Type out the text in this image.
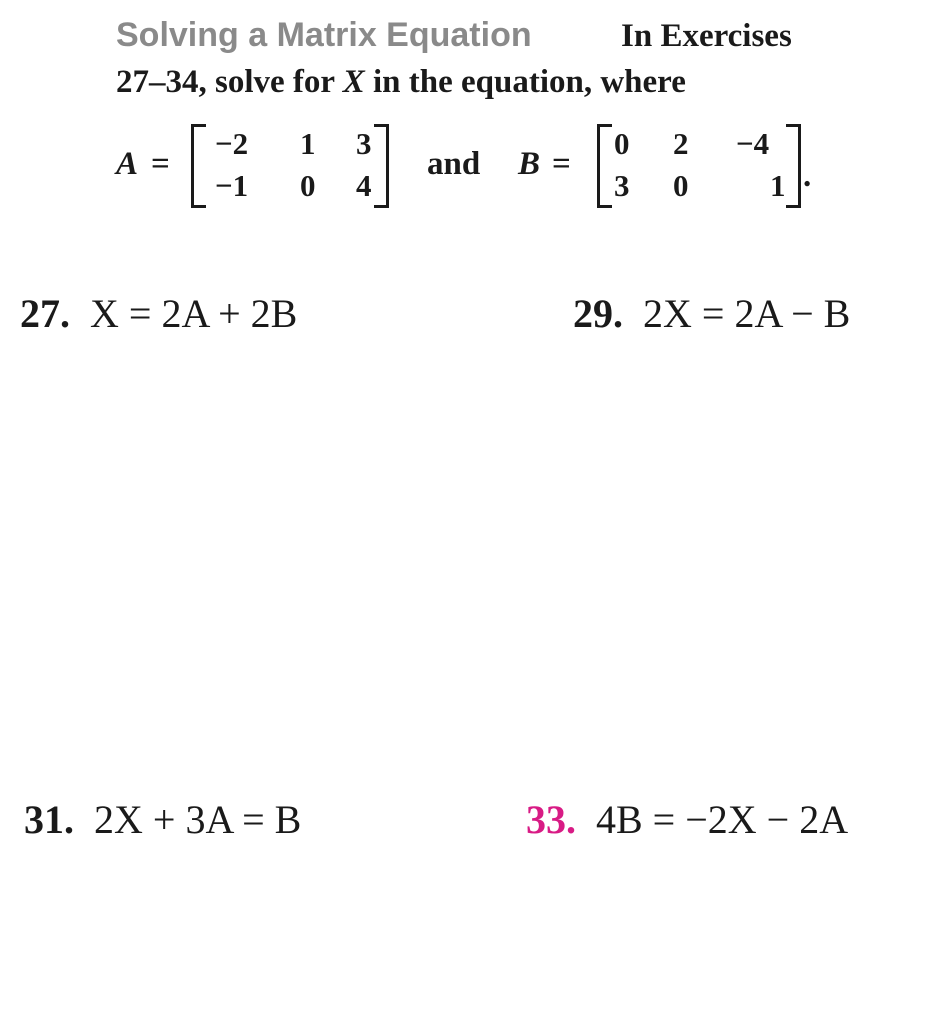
Solving a Matrix Equation	In Exercises
27–34, solve for X in the equation, where
A =
−2 1 3
−1 0 4
and B =
0 2 −4
3 0	1 .
27. X = 2A + 2B	29. 2X = 2A − B
31. 2X + 3A = B	33. 4B = −2X − 2A
